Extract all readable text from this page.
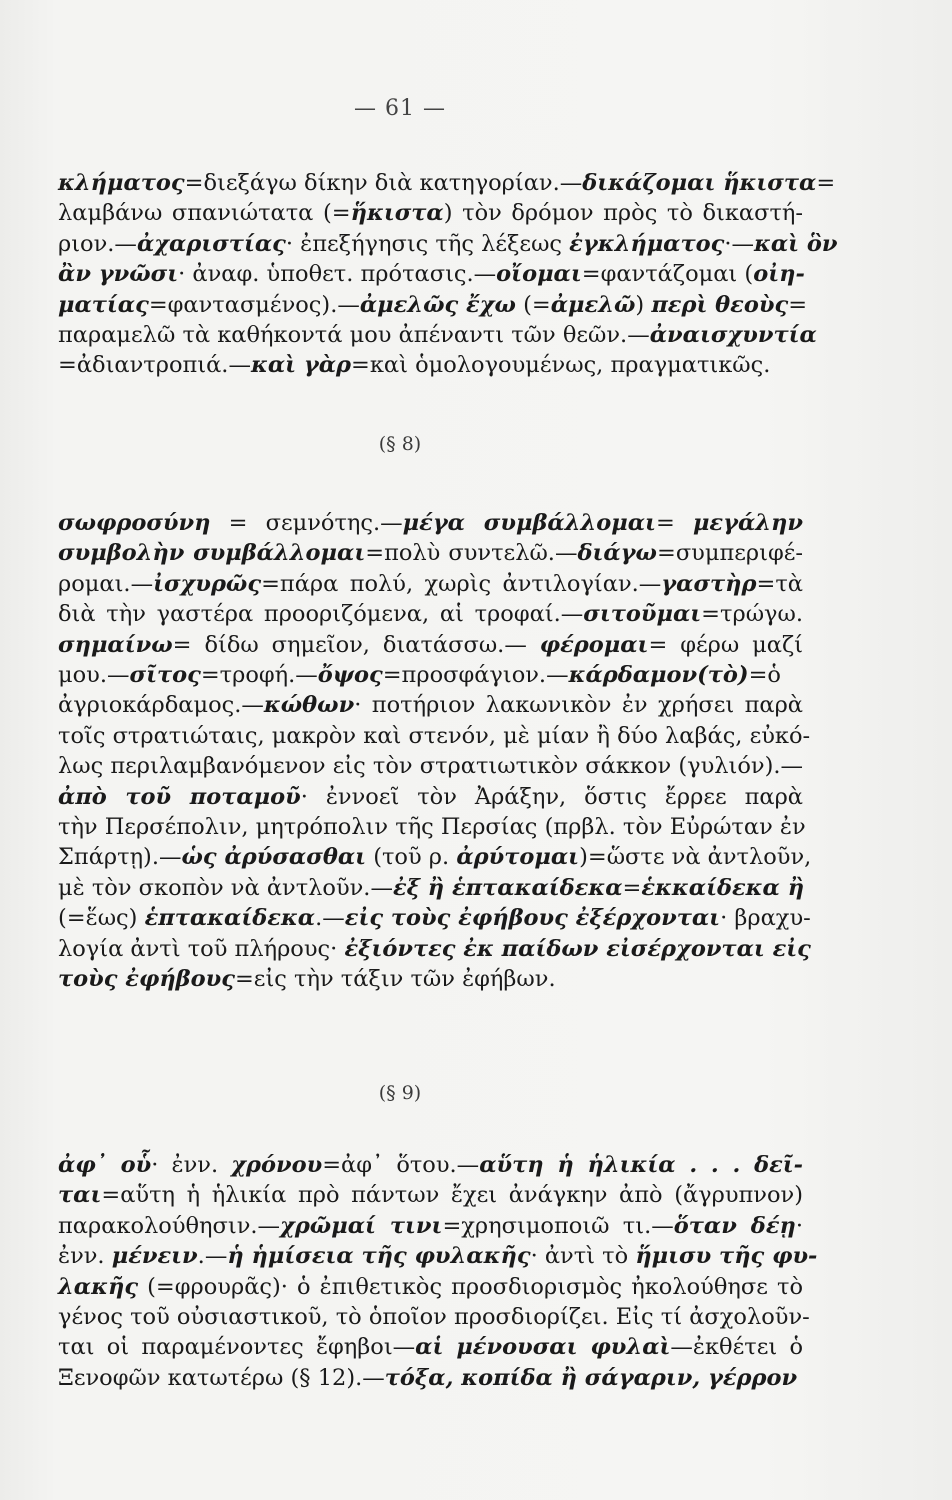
— 61 —
κλήματος=διεξάγω δίκην διὰ κατηγορίαν.—δικάζομαι ἥκιστα=
λαμβάνω σπανιώτατα (=ἥκιστα) τὸν δρόμον πρὸς τὸ δικαστή-
ριον.—ἀχαριστίας· ἐπεξήγησις τῆς λέξεως ἐγκλήματος·—καὶ ὃν
ἂν γνῶσι· ἀναφ. ὑποθετ. πρότασις.—οἴομαι=φαντάζομαι (οἰη-
ματίας=φαντασμένος).—ἀμελῶς ἔχω (=ἀμελῶ) περὶ θεοὺς=
παραμελῶ τὰ καθήκοντά μου ἀπέναντι τῶν θεῶν.—ἀναισχυντία
=ἀδιαντροπιά.—καὶ γὰρ=καὶ ὁμολογουμένως, πραγματικῶς.
(§ 8)
σωφροσύνη = σεμνότης.—μέγα συμβάλλομαι= μεγάλην
συμβολὴν συμβάλλομαι=πολὺ συντελῶ.—διάγω=συμπεριφέ-
ρομαι.—ἰσχυρῶς=πάρα πολύ, χωρὶς ἀντιλογίαν.—γαστὴρ=τὰ
διὰ τὴν γαστέρα προοριζόμενα, αἱ τροφαί.—σιτοῦμαι=τρώγω.
σημαίνω= δίδω σημεῖον, διατάσσω.— φέρομαι= φέρω μαζί
μου.—σῖτος=τροφή.—ὄψος=προσφάγιον.—κάρδαμον(τὸ)=ὁ
ἀγριοκάρδαμος.—κώθων· ποτήριον λακωνικὸν ἐν χρήσει παρὰ
τοῖς στρατιώταις, μακρὸν καὶ στενόν, μὲ μίαν ἢ δύο λαβάς, εὐκό-
λως περιλαμβανόμενον εἰς τὸν στρατιωτικὸν σάκκον (γυλιόν).—
ἀπὸ τοῦ ποταμοῦ· ἐννοεῖ τὸν Ἀράξην, ὅστις ἔρρεε παρὰ
τὴν Περσέπολιν, μητρόπολιν τῆς Περσίας (πρβλ. τὸν Εὐρώταν ἐν
Σπάρτῃ).—ὡς ἀρύσασθαι (τοῦ ρ. ἀρύτομαι)=ὥστε νὰ ἀντλοῦν,
μὲ τὸν σκοπὸν νὰ ἀντλοῦν.—ἐξ ἢ ἑπτακαίδεκα=ἑκκαίδεκα ἢ
(=ἕως) ἑπτακαίδεκα.—εἰς τοὺς ἐφήβους ἐξέρχονται· βραχυ-
λογία ἀντὶ τοῦ πλήρους· ἐξιόντες ἐκ παίδων εἰσέρχονται εἰς
τοὺς ἐφήβους=εἰς τὴν τάξιν τῶν ἐφήβων.
(§ 9)
ἀφ᾿ οὗ· ἐνν. χρόνου=ἀφ᾿ ὅτου.—αὕτη ἡ ἡλικία . . . δεῖ-
ται=αὕτη ἡ ἡλικία πρὸ πάντων ἔχει ἀνάγκην ἀπὸ (ἄγρυπνον)
παρακολούθησιν.—χρῶμαί τινι=χρησιμοποιῶ τι.—ὅταν δέῃ·
ἐνν. μένειν.—ἡ ἡμίσεια τῆς φυλακῆς· ἀντὶ τὸ ἥμισυ τῆς φυ-
λακῆς (=φρουρᾶς)· ὁ ἐπιθετικὸς προσδιορισμὸς ἠκολούθησε τὸ
γένος τοῦ οὐσιαστικοῦ, τὸ ὁποῖον προσδιορίζει. Εἰς τί ἀσχολοῦν-
ται οἱ παραμένοντες ἔφηβοι—αἱ μένουσαι φυλαὶ—ἐκθέτει ὁ
Ξενοφῶν κατωτέρω (§ 12).—τόξα, κοπίδα ἢ σάγαριν, γέρρον
